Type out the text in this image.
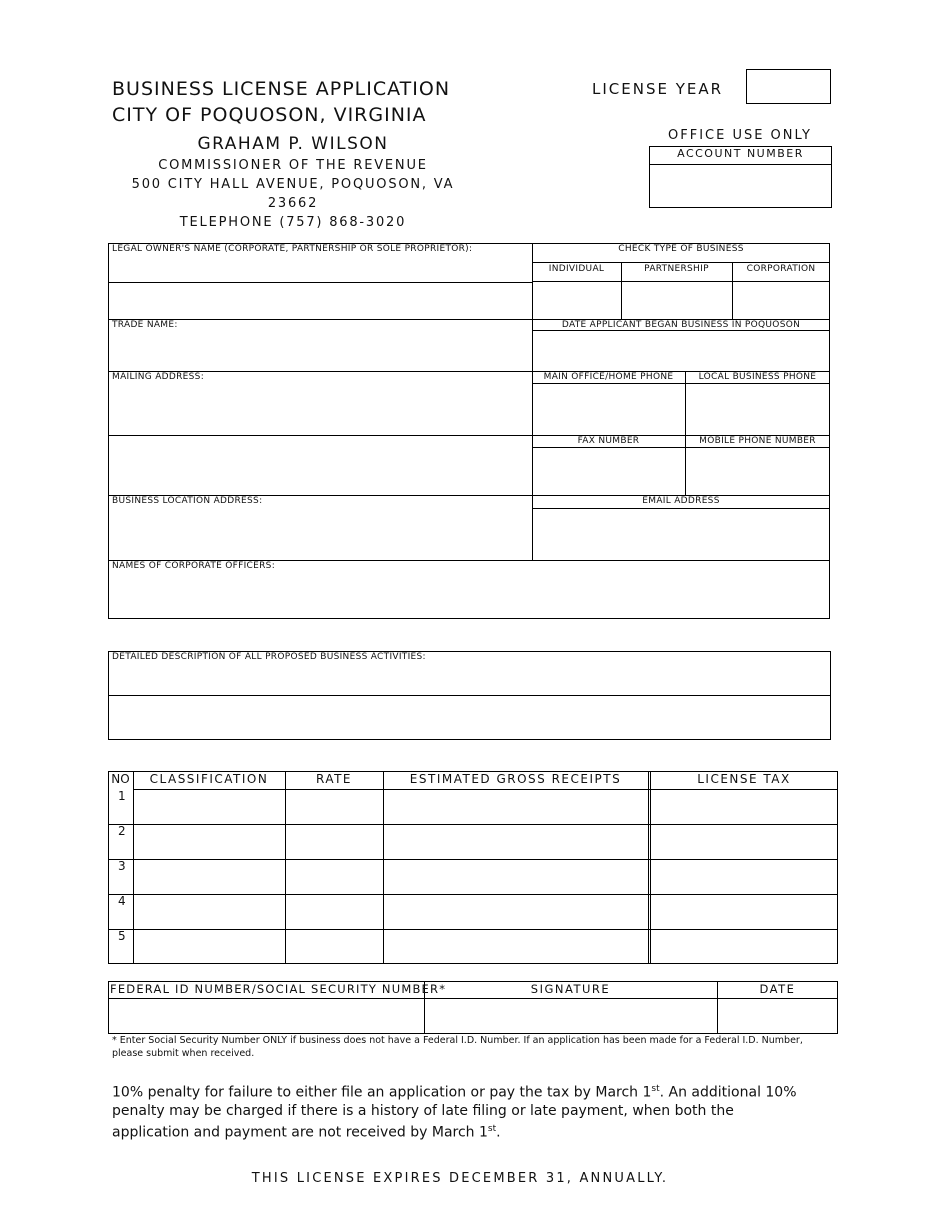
BUSINESS LICENSE APPLICATION
CITY OF POQUOSON, VIRGINIA
GRAHAM P. WILSON
COMMISSIONER OF THE REVENUE
500 CITY HALL AVENUE, POQUOSON, VA 23662
TELEPHONE (757) 868-3020
LICENSE YEAR
OFFICE USE ONLY
ACCOUNT NUMBER
LEGAL OWNER'S NAME (CORPORATE, PARTNERSHIP OR SOLE PROPRIETOR):	CHECK TYPE OF BUSINESS
INDIVIDUAL	PARTNERSHIP	CORPORATION
TRADE NAME:	DATE APPLICANT BEGAN BUSINESS IN POQUOSON
MAILING ADDRESS:	MAIN OFFICE/HOME PHONE	LOCAL BUSINESS PHONE
FAX NUMBER	MOBILE PHONE NUMBER
BUSINESS LOCATION ADDRESS:	EMAIL ADDRESS
NAMES OF CORPORATE OFFICERS:
DETAILED DESCRIPTION OF ALL PROPOSED BUSINESS ACTIVITIES:
NO	CLASSIFICATION	RATE	ESTIMATED GROSS RECEIPTS	LICENSE TAX
1
2
3
4
5
FEDERAL ID NUMBER/SOCIAL SECURITY NUMBER*	SIGNATURE	DATE
* Enter Social Security Number ONLY if business does not have a Federal I.D. Number. If an application has been made for a Federal I.D. Number, please submit when received.
10% penalty for failure to either file an application or pay the tax by March 1st. An additional 10% penalty may be charged if there is a history of late filing or late payment, when both the application and payment are not received by March 1st.
THIS LICENSE EXPIRES DECEMBER 31, ANNUALLY.
